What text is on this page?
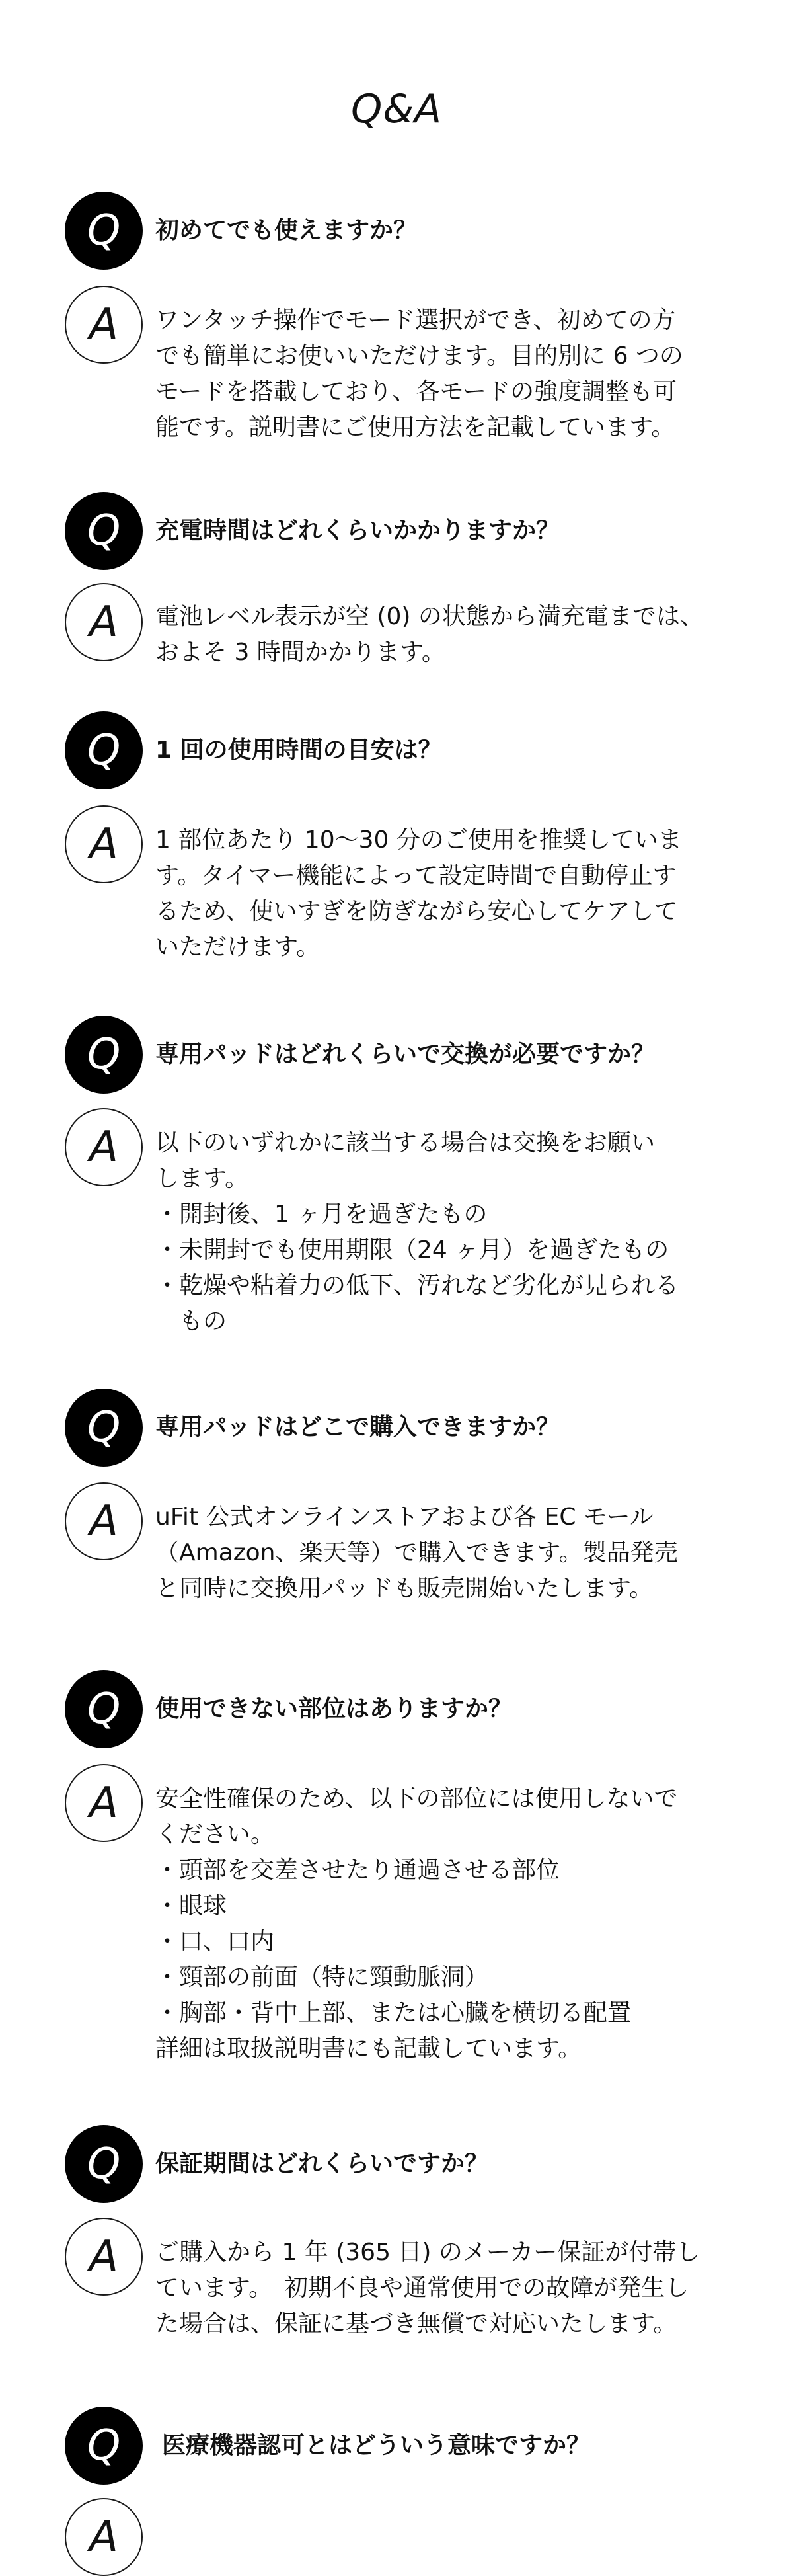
Q&A
Q	初めてでも使えますか？
A	ワンタッチ操作でモード選択ができ、初めての方
でも簡単にお使いいただけます。目的別に 6 つの
モードを搭載しており、各モードの強度調整も可
能です。説明書にご使用方法を記載しています。
Q	充電時間はどれくらいかかりますか？
A	電池レベル表示が空 (0) の状態から満充電までは、
およそ 3 時間かかります。
Q	1 回の使用時間の目安は？
A	1 部位あたり 10〜30 分のご使用を推奨していま
す。タイマー機能によって設定時間で自動停止す
るため、使いすぎを防ぎながら安心してケアして
いただけます。
Q	専用パッドはどれくらいで交換が必要ですか？
A	以下のいずれかに該当する場合は交換をお願い
します。
・開封後、1 ヶ月を過ぎたもの
・未開封でも使用期限（24 ヶ月）を過ぎたもの
・乾燥や粘着力の低下、汚れなど劣化が見られる
　もの
Q	専用パッドはどこで購入できますか？
A	uFit 公式オンラインストアおよび各 EC モール
（Amazon、楽天等）で購入できます。製品発売
と同時に交換用パッドも販売開始いたします。
Q	使用できない部位はありますか？
A	安全性確保のため、以下の部位には使用しないで
ください。
・頭部を交差させたり通過させる部位
・眼球
・口、口内
・頸部の前面（特に頸動脈洞）
・胸部・背中上部、または心臓を横切る配置
詳細は取扱説明書にも記載しています。
Q	保証期間はどれくらいですか？
A	ご購入から 1 年 (365 日) のメーカー保証が付帯し
ています。　初期不良や通常使用での故障が発生し
た場合は、保証に基づき無償で対応いたします。
Q	医療機器認可とはどういう意味ですか？
A
